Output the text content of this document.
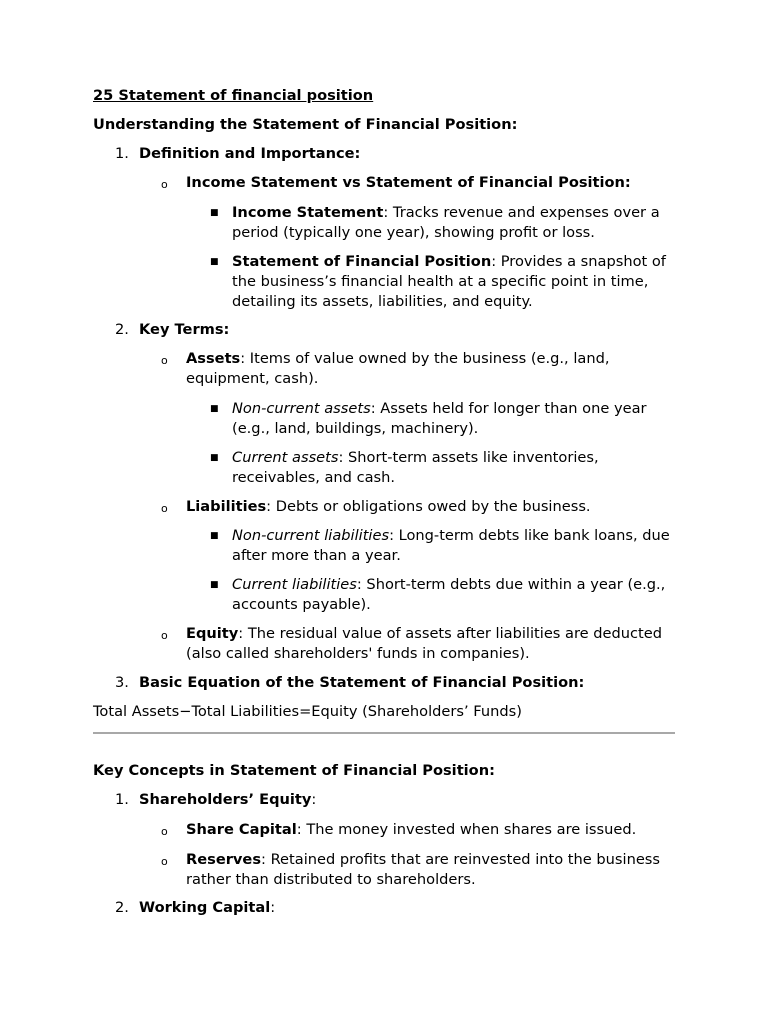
25 Statement of financial position
Understanding the Statement of Financial Position:
1. Definition and Importance:
o Income Statement vs Statement of Financial Position:
■ Income Statement: Tracks revenue and expenses over a period (typically one year), showing profit or loss.
■ Statement of Financial Position: Provides a snapshot of the business’s financial health at a specific point in time, detailing its assets, liabilities, and equity.
2. Key Terms:
o Assets: Items of value owned by the business (e.g., land, equipment, cash).
■ Non-current assets: Assets held for longer than one year (e.g., land, buildings, machinery).
■ Current assets: Short-term assets like inventories, receivables, and cash.
o Liabilities: Debts or obligations owed by the business.
■ Non-current liabilities: Long-term debts like bank loans, due after more than a year.
■ Current liabilities: Short-term debts due within a year (e.g., accounts payable).
o Equity: The residual value of assets after liabilities are deducted (also called shareholders' funds in companies).
3. Basic Equation of the Statement of Financial Position:
Total Assets−Total Liabilities=Equity (Shareholders’ Funds)
Key Concepts in Statement of Financial Position:
1. Shareholders’ Equity:
o Share Capital: The money invested when shares are issued.
o Reserves: Retained profits that are reinvested into the business rather than distributed to shareholders.
2. Working Capital:
